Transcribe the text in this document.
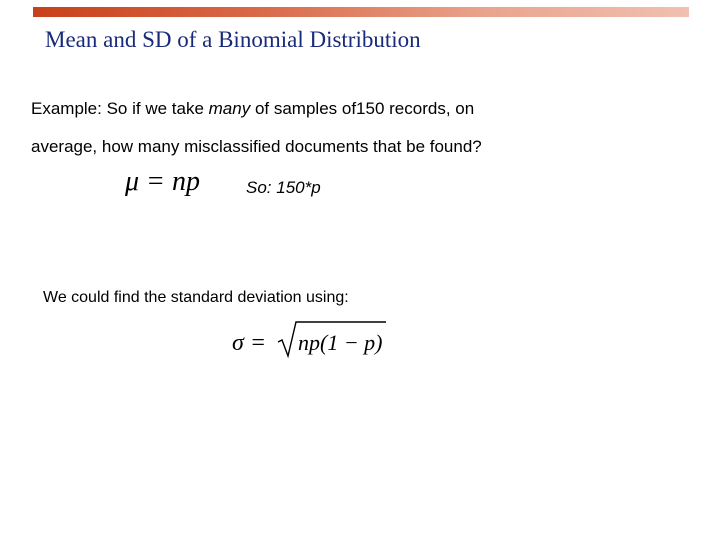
Mean and SD of a Binomial Distribution
Example: So if we take many of samples of150 records, on
average, how many misclassified documents that be found?
μ = np	So: 150*p
We could find the standard deviation using:
σ = np(1 − p)
